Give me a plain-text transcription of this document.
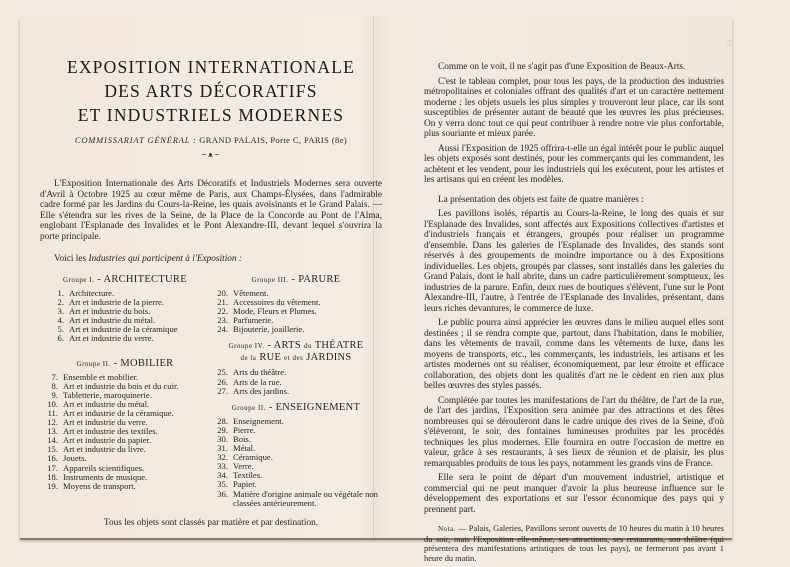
5
EXPOSITION INTERNATIONALE
DES ARTS DÉCORATIFS
ET INDUSTRIELS MODERNES
COMMISSARIAT GÉNÉRAL : GRAND PALAIS, Porte C, PARIS (8e)
~ᴥ~

L'Exposition Internationale des Arts Décoratifs et Industriels Modernes sera ouverte d'Avril à Octobre 1925 au cœur même de Paris, aux Champs-Élysées, dans l'admirable cadre formé par les Jardins du Cours-la-Reine, les quais avoisinants et le Grand Palais. — Elle s'étendra sur les rives de la Seine, de la Place de la Concorde au Pont de l'Alma, englobant l'Esplanade des Invalides et le Pont Alexandre-III, devant lequel s'ouvrira la porte principale.

Voici les Industries qui participent à l'Exposition :
Groupe I. - ARCHITECTURE
1. Architecture.
2. Art et industrie de la pierre.
3. Art et industrie du bois.
4. Art et industrie du métal.
5. Art et industrie de la céramique
6. Art et industrie du verre.
Groupe II. - MOBILIER
7. Ensemble et mobilier.
8. Art et industrie du bois et du cuir.
9. Tabletterie, maroquinerie.
10. Art et industrie du métal.
11. Art et industrie de la céramique.
12. Art et industrie du verre.
13. Art et industrie des textiles.
14. Art et industrie du papier.
15. Art et industrie du livre.
16. Jouets.
17. Appareils scientifiques.
18. Instruments de musique.
19. Moyens de transport.
Groupe III. - PARURE
20. Vêtement.
21. Accessoires du vêtement.
22. Mode, Fleurs et Plumes.
23. Parfumerie.
24. Bijouterie, joaillerie.
Groupe IV. - ARTS du THÉATRE
de la RUE et des JARDINS
25. Arts du théâtre.
26. Arts de la rue.
27. Arts des jardins.
Groupe II. - ENSEIGNEMENT
28. Enseignement.
29. Pierre.
30. Bois.
31. Métal.
32. Céramique.
33. Verre.
34. Textiles.
35. Papier.
36. Matière d'origine animale ou végétale non classées antérieurement.
Tous les objets sont classés par matière et par destination.

Comme on le voit, il ne s'agit pas d'une Exposition de Beaux-Arts.

C'est le tableau complet, pour tous les pays, de la production des industries métropolitaines et coloniales offrant des qualités d'art et un caractère nettement moderne : les objets usuels les plus simples y trouveront leur place, car ils sont susceptibles de présenter autant de beauté que les œuvres les plus précieuses. On y verra donc tout ce qui peut contribuer à rendre notre vie plus confortable, plus souriante et mieux parée.

Aussi l'Exposition de 1925 offrira-t-elle un égal intérêt pour le public auquel les objets exposés sont destinés, pour les commerçants qui les commandent, les achètent et les vendent, pour les industriels qui les exécutent, pour les artistes et les artisans qui en créent les modèles.

La présentation des objets est faite de quatre manières :

Les pavillons isolés, répartis au Cours-la-Reine, le long des quais et sur l'Esplanade des Invalides, sont affectés aux Expositions collectives d'artistes et d'industriels français et étrangers, groupés pour réaliser un programme d'ensemble. Dans les galeries de l'Esplanade des Invalides, des stands sont réservés à des groupements de moindre importance ou à des Expositions individuelles. Les objets, groupés par classes, sont installés dans les galeries du Grand Palais, dont le hall abrite, dans un cadre particulièrement somptueux, les industries de la parure. Enfin, deux rues de boutiques s'élèvent, l'une sur le Pont Alexandre-III, l'autre, à l'entrée de l'Esplanade des Invalides, présentant, dans leurs riches devantures, le commerce de luxe.

Le public pourra ainsi apprécier les œuvres dans le milieu auquel elles sont destinées ; il se rendra compte que, partout, dans l'habitation, dans le mobilier, dans les vêtements de travail, comme dans les vêtements de luxe, dans les moyens de transports, etc., les commerçants, les industriels, les artisans et les artistes modernes ont su réaliser, économiquement, par leur étroite et efficace collaboration, des objets dont les qualités d'art ne le cèdent en rien aux plus belles œuvres des styles passés.

Complétée par toutes les manifestations de l'art du théâtre, de l'art de la rue, de l'art des jardins, l'Exposition sera animée par des attractions et des fêtes nombreuses qui se dérouleront dans le cadre unique des rives de la Seine, d'où s'élèveront, le soir, des fontaines lumineuses produites par les procédés techniques les plus modernes. Elle fournira en outre l'occasion de mettre en valeur, grâce à ses restaurants, à ses lieux de réunion et de plaisir, les plus remarquables produits de tous les pays, notamment les grands vins de France.

Elle sera le point de départ d'un mouvement industriel, artistique et commercial qui ne peut manquer d'avoir la plus heureuse influence sur le développement des exportations et sur l'essor économique des pays qui y prennent part.

Nota. — Palais, Galeries, Pavillons seront ouverts de 10 heures du matin à 10 heures du soir, mais l'Exposition elle-même, ses attractions, ses restaurants, son théâtre (qui présentera des manifestations artistiques de tous les pays), ne fermeront pas avant 1 heure du matin.
